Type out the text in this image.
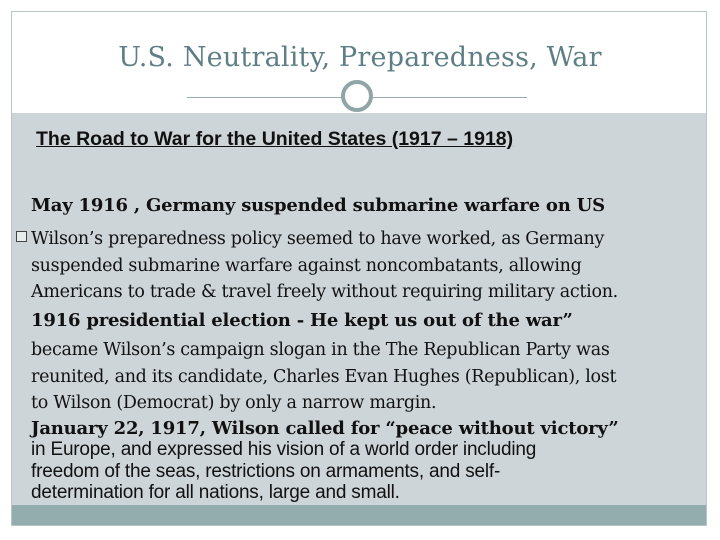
U.S. Neutrality, Preparedness, War

The Road to War for the United States (1917 – 1918)

May 1916 , Germany suspended submarine warfare on US

Wilson’s preparedness policy seemed to have worked, as Germany

suspended submarine warfare against noncombatants, allowing

Americans to trade & travel freely without requiring military action.

1916 presidential election - He kept us out of the war”

became Wilson’s campaign slogan in the The Republican Party was

reunited, and its candidate, Charles Evan Hughes (Republican), lost

to Wilson (Democrat) by only a narrow margin.

January 22, 1917, Wilson called for “peace without victory”

in Europe, and expressed his vision of a world order including

freedom of the seas, restrictions on armaments, and self-

determination for all nations, large and small.
